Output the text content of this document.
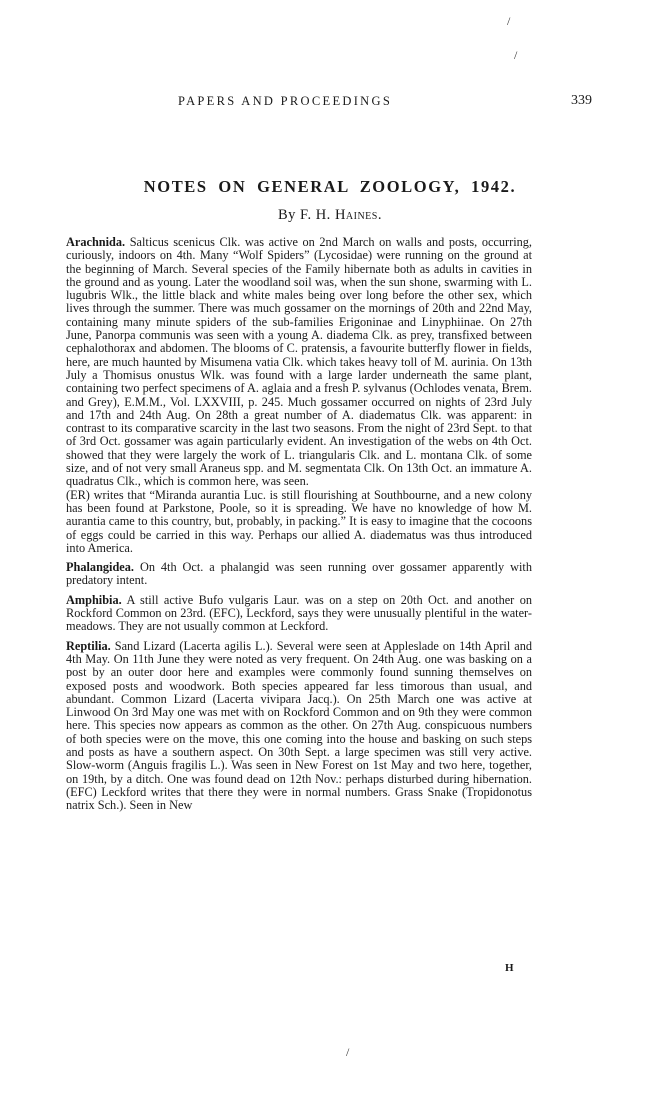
PAPERS AND PROCEEDINGS	339
NOTES ON GENERAL ZOOLOGY, 1942.
By F. H. Haines.

Arachnida. Salticus scenicus Clk. was active on 2nd March on walls and posts, occurring, curiously, indoors on 4th. Many “Wolf Spiders” (Lycosidae) were running on the ground at the beginning of March. Several species of the Family hibernate both as adults in cavities in the ground and as young. Later the woodland soil was, when the sun shone, swarming with L. lugubris Wlk., the little black and white males being over long before the other sex, which lives through the summer. There was much gossamer on the mornings of 20th and 22nd May, containing many minute spiders of the sub-families Erigoninae and Linyphiinae. On 27th June, Panorpa communis was seen with a young A. diadema Clk. as prey, transfixed between cephalothorax and abdomen. The blooms of C. pratensis, a favourite butterfly flower in fields, here, are much haunted by Misumena vatia Clk. which takes heavy toll of M. aurinia. On 13th July a Thomisus onustus Wlk. was found with a large larder underneath the same plant, containing two perfect specimens of A. aglaia and a fresh P. sylvanus (Ochlodes venata, Brem. and Grey), E.M.M., Vol. LXXVIII, p. 245. Much gossamer occurred on nights of 23rd July and 17th and 24th Aug. On 28th a great number of A. diadematus Clk. was apparent: in contrast to its comparative scarcity in the last two seasons. From the night of 23rd Sept. to that of 3rd Oct. gossamer was again particularly evident. An investigation of the webs on 4th Oct. showed that they were largely the work of L. triangularis Clk. and L. montana Clk. of some size, and of not very small Araneus spp. and M. segmentata Clk. On 13th Oct. an immature A. quadratus Clk., which is common here, was seen.

(ER) writes that “Miranda aurantia Luc. is still flourishing at Southbourne, and a new colony has been found at Parkstone, Poole, so it is spreading. We have no knowledge of how M. aurantia came to this country, but, probably, in packing.” It is easy to imagine that the cocoons of eggs could be carried in this way. Perhaps our allied A. diadematus was thus introduced into America.

Phalangidea. On 4th Oct. a phalangid was seen running over gossamer apparently with predatory intent.

Amphibia. A still active Bufo vulgaris Laur. was on a step on 20th Oct. and another on Rockford Common on 23rd. (EFC), Leckford, says they were unusually plentiful in the water-meadows. They are not usually common at Leckford.

Reptilia. Sand Lizard (Lacerta agilis L.). Several were seen at Appleslade on 14th April and 4th May. On 11th June they were noted as very frequent. On 24th Aug. one was basking on a post by an outer door here and examples were commonly found sunning themselves on exposed posts and woodwork. Both species appeared far less timorous than usual, and abundant. Common Lizard (Lacerta vivipara Jacq.). On 25th March one was active at Linwood On 3rd May one was met with on Rockford Common and on 9th they were common here. This species now appears as common as the other. On 27th Aug. conspicuous numbers of both species were on the move, this one coming into the house and basking on such steps and posts as have a southern aspect. On 30th Sept. a large specimen was still very active. Slow-worm (Anguis fragilis L.). Was seen in New Forest on 1st May and two here, together, on 19th, by a ditch. One was found dead on 12th Nov.: perhaps disturbed during hibernation. (EFC) Leckford writes that there they were in normal numbers. Grass Snake (Tropidonotus natrix Sch.). Seen in New

H
/
/
/
